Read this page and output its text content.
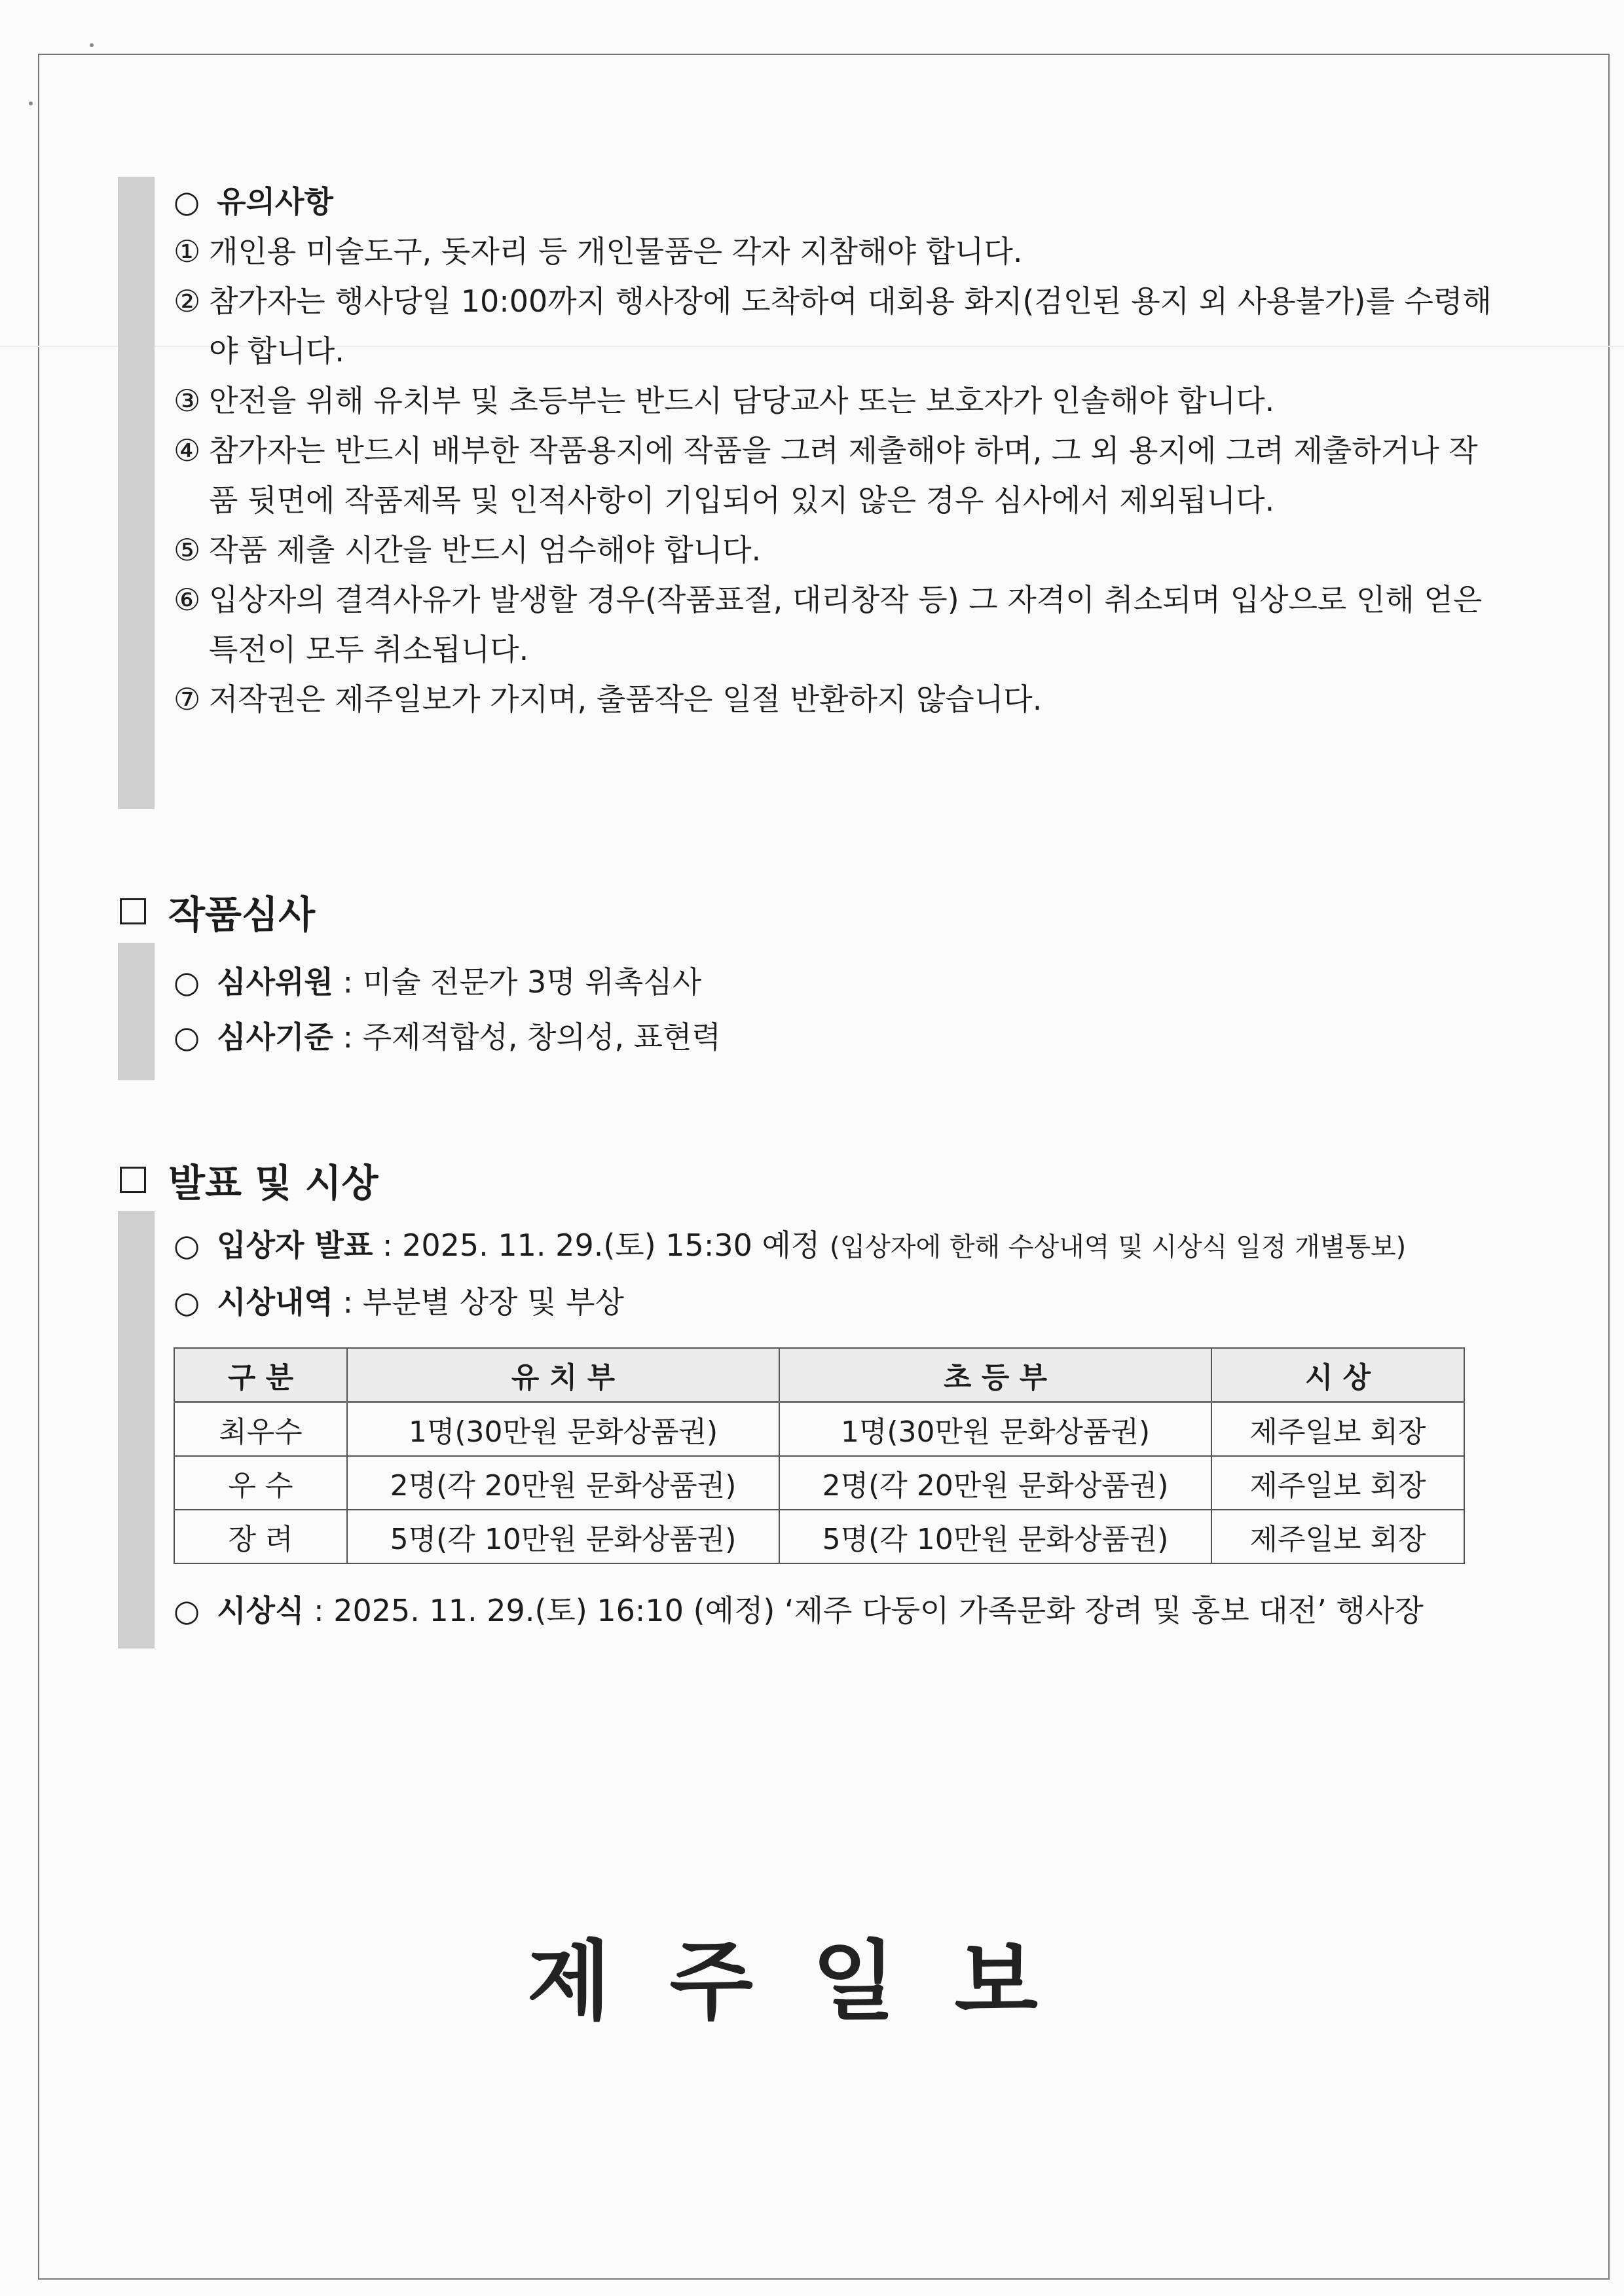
○ 유의사항
① 개인용 미술도구, 돗자리 등 개인물품은 각자 지참해야 합니다.
② 참가자는 행사당일 10:00까지 행사장에 도착하여 대회용 화지(검인된 용지 외 사용불가)를 수령해야 합니다.
③ 안전을 위해 유치부 및 초등부는 반드시 담당교사 또는 보호자가 인솔해야 합니다.
④ 참가자는 반드시 배부한 작품용지에 작품을 그려 제출해야 하며, 그 외 용지에 그려 제출하거나 작품 뒷면에 작품제목 및 인적사항이 기입되어 있지 않은 경우 심사에서 제외됩니다.
⑤ 작품 제출 시간을 반드시 엄수해야 합니다.
⑥ 입상자의 결격사유가 발생할 경우(작품표절, 대리창작 등) 그 자격이 취소되며 입상으로 인해 얻은 특전이 모두 취소됩니다.
⑦ 저작권은 제주일보가 가지며, 출품작은 일절 반환하지 않습니다.
작품심사
○ 심사위원 : 미술 전문가 3명 위촉심사
○ 심사기준 : 주제적합성, 창의성, 표현력
발표 및 시상
○ 입상자 발표 : 2025. 11. 29.(토) 15:30 예정 (입상자에 한해 수상내역 및 시상식 일정 개별통보)
○ 시상내역 : 부분별 상장 및 부상
구 분	유 치 부	초 등 부	시 상
최우수	1명(30만원 문화상품권)	1명(30만원 문화상품권)	제주일보 회장
우 수	2명(각 20만원 문화상품권)	2명(각 20만원 문화상품권)	제주일보 회장
장 려	5명(각 10만원 문화상품권)	5명(각 10만원 문화상품권)	제주일보 회장
○ 시상식 : 2025. 11. 29.(토) 16:10 (예정) ‘제주 다둥이 가족문화 장려 및 홍보 대전’ 행사장
제주일보
